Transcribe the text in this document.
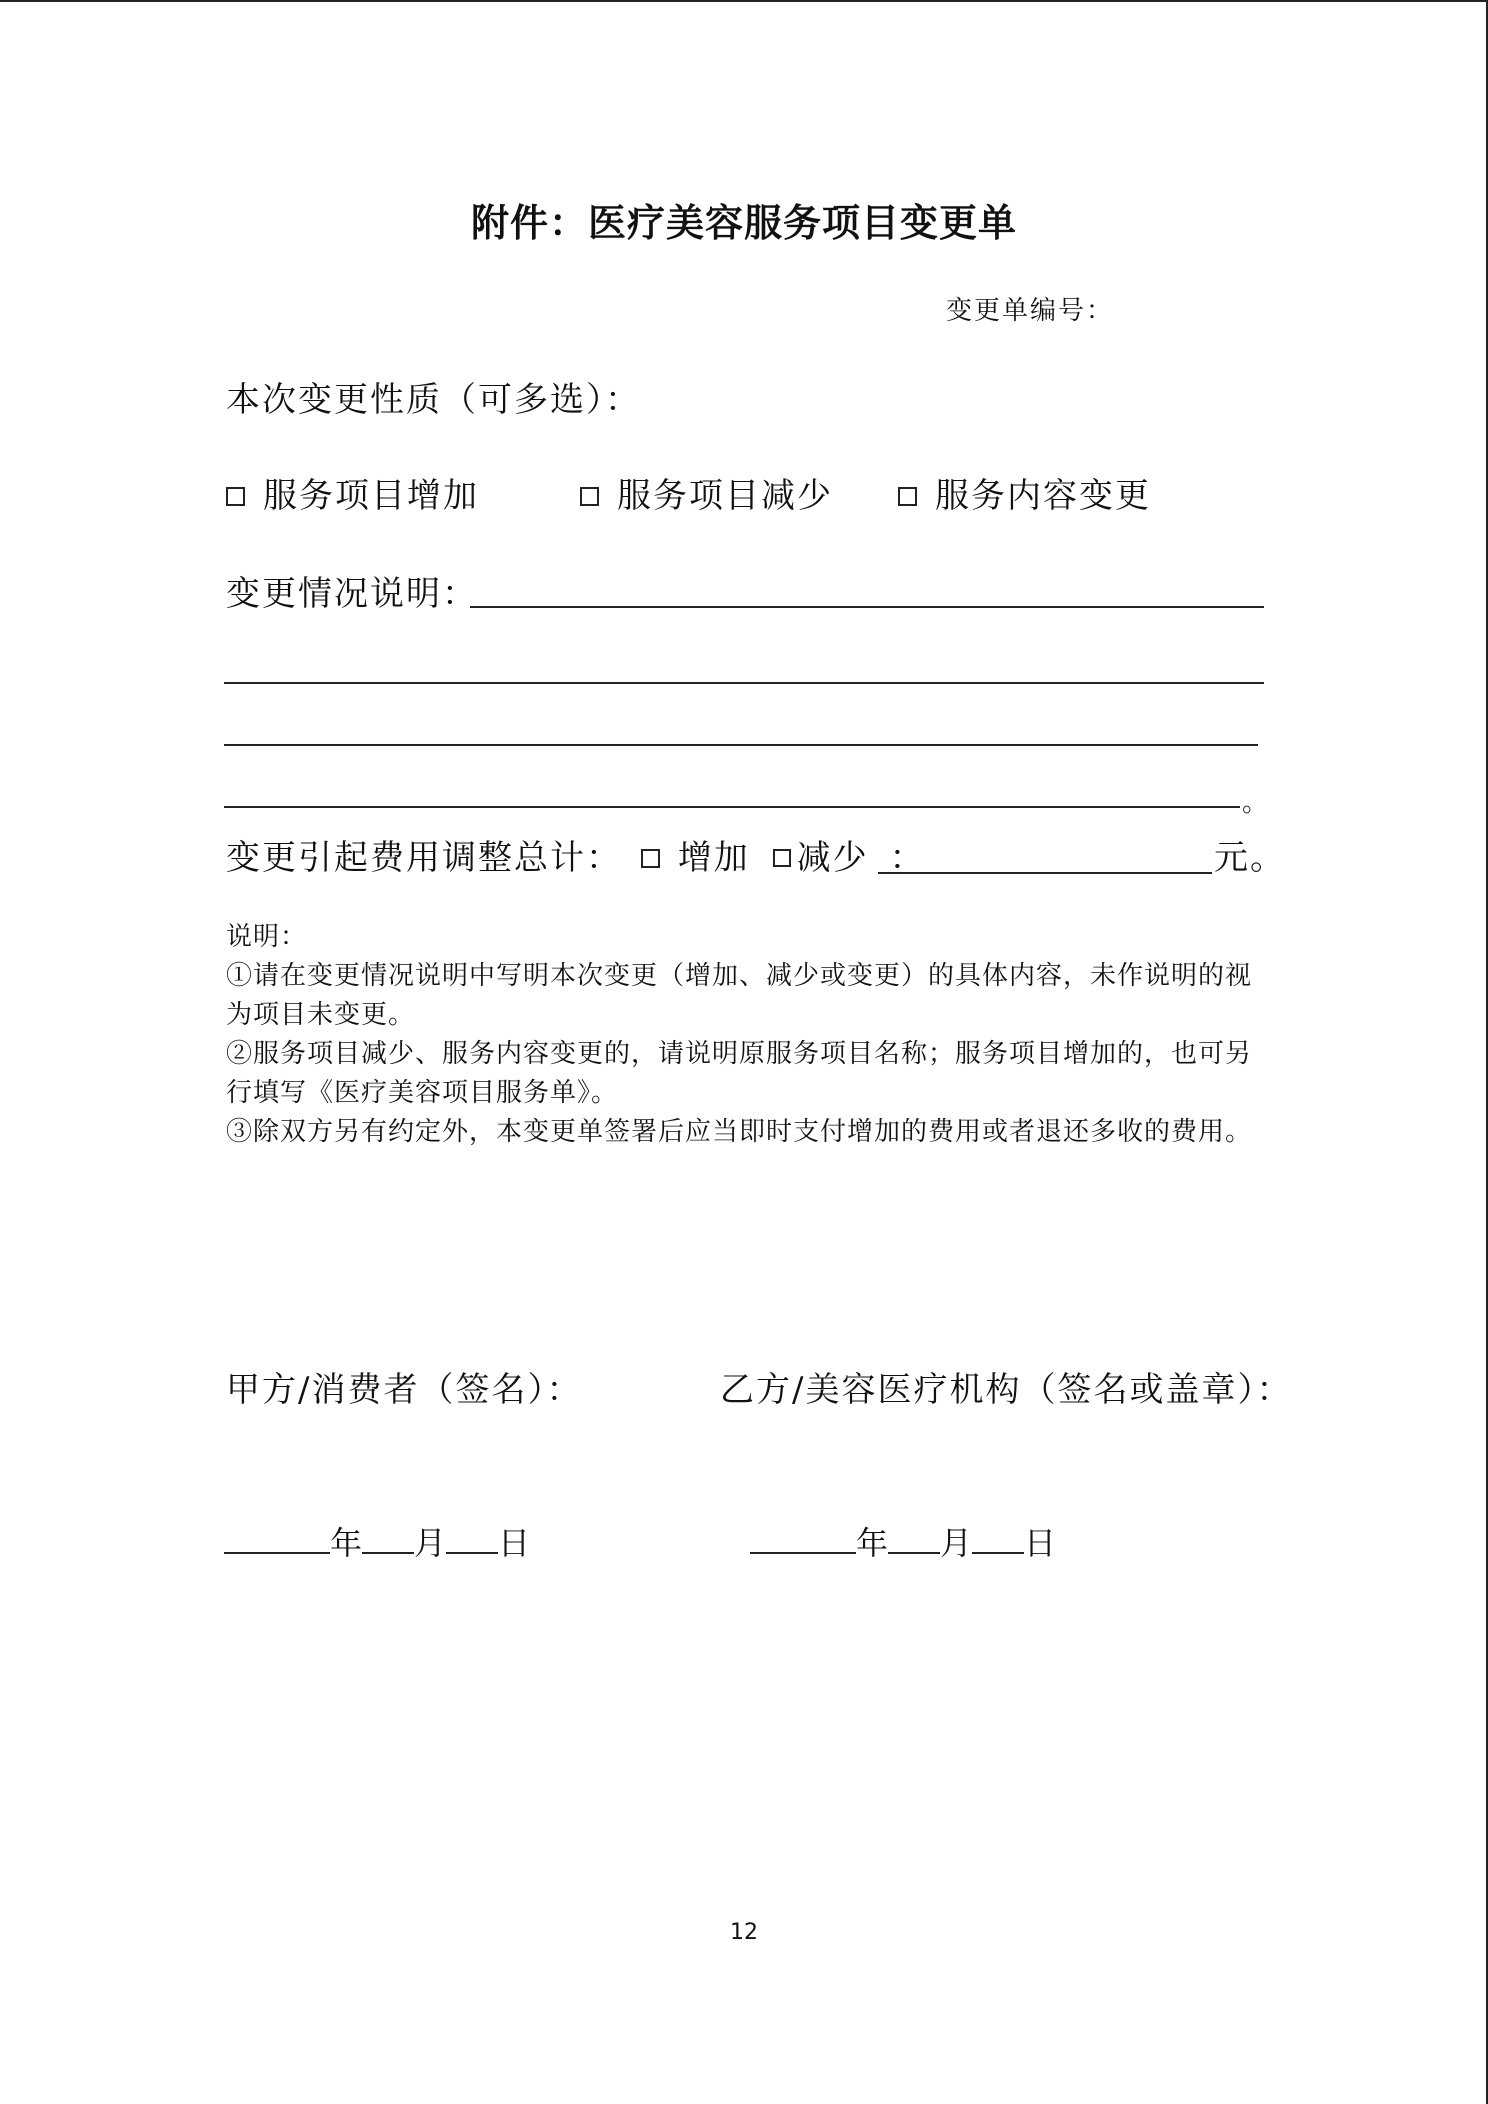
附件：医疗美容服务项目变更单
变更单编号：
本次变更性质（可多选）：
服务项目增加	服务项目减少	服务内容变更
变更情况说明：
。
变更引起费用调整总计： 增加 减少 ：	元。

说明：

①请在变更情况说明中写明本次变更（增加、减少或变更）的具体内容，未作说明的视为项目未变更。

②服务项目减少、服务内容变更的，请说明原服务项目名称；服务项目增加的，也可另行填写《医疗美容项目服务单》。

③除双方另有约定外，本变更单签署后应当即时支付增加的费用或者退还多收的费用。

甲方/消费者（签名）：	乙方/美容医疗机构（签名或盖章）：
年 月 日	年 月 日
12
